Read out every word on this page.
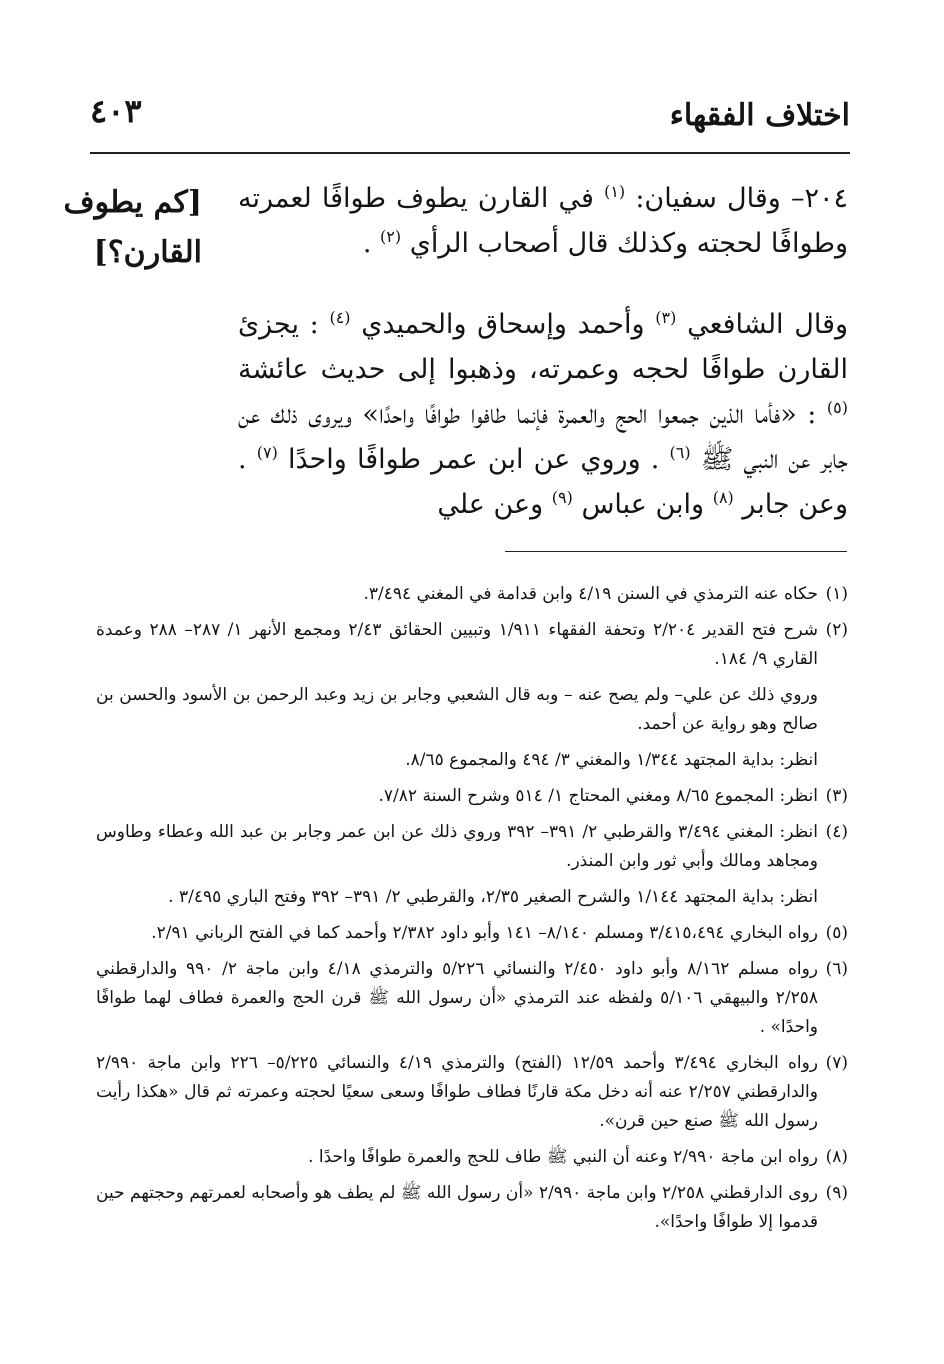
اختلاف الفقهاء
٤٠٣
[كم يطوف
القارن؟]

٢٠٤– وقال سفيان: $^{(١)}$ في القارن يطوف طوافًا لعمرته وطوافًا لحجته وكذلك قال أصحاب الرأي $^{(٢)}$ .

وقال الشافعي $^{(٣)}$ وأحمد وإسحاق والحميدي $^{(٤)}$ : يجزئ القارن طوافًا لحجه وعمرته، وذهبوا إلى حديث عائشة $^{(٥)}$ : «فأما الذين جمعوا الحج والعمرة فإنما طافوا طوافًا واحدًا» ويروى ذلك عن جابر عن النبي ﷺ $^{(٦)}$ . وروي عن ابن عمر طوافًا واحدًا $^{(٧)}$ . وعن جابر $^{(٨)}$ وابن عباس $^{(٩)}$ وعن علي

(١)
حكاه عنه الترمذي في السنن ٤/١٩ وابن قدامة في المغني ٣/٤٩٤.
(٢)
شرح فتح القدير ٢/٢٠٤ وتحفة الفقهاء ١/٩١١ وتبيين الحقائق ٢/٤٣ ومجمع الأنهر ١/ ٢٨٧– ٢٨٨ وعمدة القاري ٩/ ١٨٤.
وروي ذلك عن علي– ولم يصح عنه – وبه قال الشعبي وجابر بن زيد وعبد الرحمن بن الأسود والحسن بن صالح وهو رواية عن أحمد.
انظر: بداية المجتهد ١/٣٤٤ والمغني ٣/ ٤٩٤ والمجموع ٨/٦٥.
(٣)
انظر: المجموع ٨/٦٥ ومغني المحتاج ١/ ٥١٤ وشرح السنة ٧/٨٢.
(٤)
انظر: المغني ٣/٤٩٤ والقرطبي ٢/ ٣٩١– ٣٩٢ وروي ذلك عن ابن عمر وجابر بن عبد الله وعطاء وطاوس ومجاهد ومالك وأبي ثور وابن المنذر.
انظر: بداية المجتهد ١/١٤٤ والشرح الصغير ٢/٣٥، والقرطبي ٢/ ٣٩١– ٣٩٢ وفتح الباري ٣/٤٩٥ .
(٥)
رواه البخاري ٣/٤١٥،٤٩٤ ومسلم ٨/١٤٠– ١٤١ وأبو داود ٢/٣٨٢ وأحمد كما في الفتح الرباني ٢/٩١.
(٦)
رواه مسلم ٨/١٦٢ وأبو داود ٢/٤٥٠ والنسائي ٥/٢٢٦ والترمذي ٤/١٨ وابن ماجة ٢/ ٩٩٠ والدارقطني ٢/٢٥٨ والبيهقي ٥/١٠٦ ولفظه عند الترمذي «أن رسول الله ﷺ قرن الحج والعمرة فطاف لهما طوافًا واحدًا» .
(٧)
رواه البخاري ٣/٤٩٤ وأحمد ١٢/٥٩ (الفتح) والترمذي ٤/١٩ والنسائي ٥/٢٢٥– ٢٢٦ وابن ماجة ٢/٩٩٠ والدارقطني ٢/٢٥٧ عنه أنه دخل مكة قارنًا فطاف طوافًا وسعى سعيًا لحجته وعمرته ثم قال «هكذا رأيت رسول الله ﷺ صنع حين قرن».
(٨)
رواه ابن ماجة ٢/٩٩٠ وعنه أن النبي ﷺ طاف للحج والعمرة طوافًا واحدًا .
(٩)
روى الدارقطني ٢/٢٥٨ وابن ماجة ٢/٩٩٠ «أن رسول الله ﷺ لم يطف هو وأصحابه لعمرتهم وحجتهم حين قدموا إلا طوافًا واحدًا».
